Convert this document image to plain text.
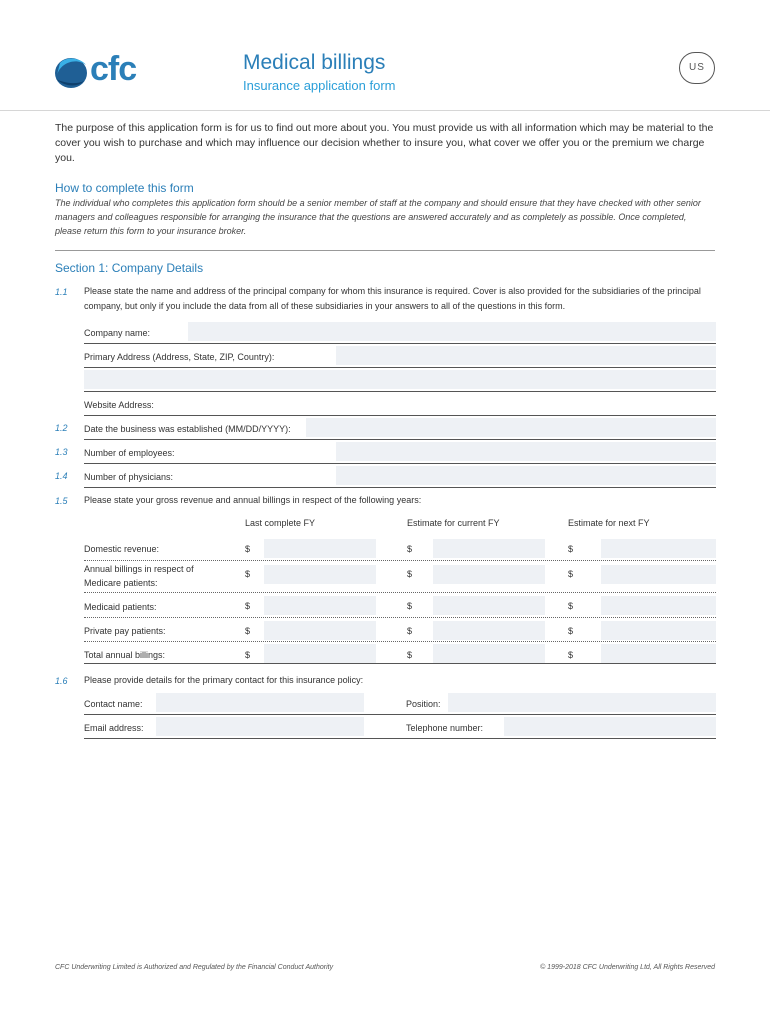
cfc	Medical billings
Insurance application form
US
The purpose of this application form is for us to find out more about you. You must provide us with all information which may be material to the cover you wish to purchase and which may influence our decision whether to insure you, what cover we offer you or the premium we charge you.
How to complete this form
The individual who completes this application form should be a senior member of staff at the company and should ensure that they have checked with other senior managers and colleagues responsible for arranging the insurance that the questions are answered accurately and as completely as possible. Once completed, please return this form to your insurance broker.
Section 1: Company Details
1.1 Please state the name and address of the principal company for whom this insurance is required. Cover is also provided for the subsidiaries of the principal company, but only if you include the data from all of these subsidiaries in your answers to all of the questions in this form.
Company name:
Primary Address (Address, State, ZIP, Country):
Website Address:
1.2 Date the business was established (MM/DD/YYYY):
1.3 Number of employees:
1.4 Number of physicians:
1.5 Please state your gross revenue and annual billings in respect of the following years:
Last complete FY	Estimate for current FY	Estimate for next FY
Domestic revenue:	$	$	$
Annual billings in respect of Medicare patients:
$	$	$
Medicaid patients:	$	$	$
Private pay patients:	$	$	$
Total annual billings:	$	$	$
1.6 Please provide details for the primary contact for this insurance policy:
Contact name:	Position:
Email address:	Telephone number:
CFC Underwriting Limited is Authorized and Regulated by the Financial Conduct Authority	© 1999-2018 CFC Underwriting Ltd, All Rights Reserved
